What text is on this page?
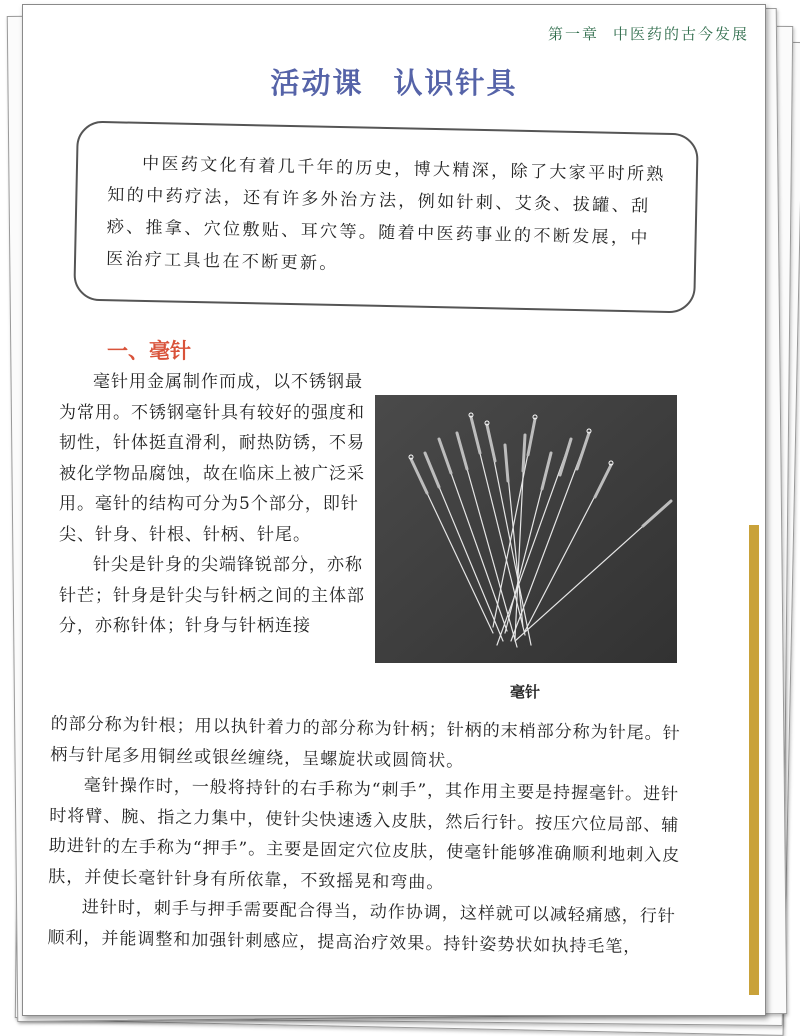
第一章 中医药的古今发展
活动课 认识针具

中医药文化有着几千年的历史，博大精深，除了大家平时所熟知的中药疗法，还有许多外治方法，例如针刺、艾灸、拔罐、刮痧、推拿、穴位敷贴、耳穴等。随着中医药事业的不断发展，中医治疗工具也在不断更新。

一、毫针

毫针用金属制作而成，以不锈钢最为常用。不锈钢毫针具有较好的强度和韧性，针体挺直滑利，耐热防锈，不易被化学物品腐蚀，故在临床上被广泛采用。毫针的结构可分为5个部分，即针尖、针身、针根、针柄、针尾。

针尖是针身的尖端锋锐部分，亦称针芒；针身是针尖与针柄之间的主体部分，亦称针体；针身与针柄连接

毫针

的部分称为针根；用以执针着力的部分称为针柄；针柄的末梢部分称为针尾。针柄与针尾多用铜丝或银丝缠绕，呈螺旋状或圆筒状。

毫针操作时，一般将持针的右手称为“刺手”，其作用主要是持握毫针。进针时将臂、腕、指之力集中，使针尖快速透入皮肤，然后行针。按压穴位局部、辅助进针的左手称为“押手”。主要是固定穴位皮肤，使毫针能够准确顺利地刺入皮肤，并使长毫针针身有所依靠，不致摇晃和弯曲。

进针时，刺手与押手需要配合得当，动作协调，这样就可以减轻痛感，行针顺利，并能调整和加强针刺感应，提高治疗效果。持针姿势状如执持毛笔，
